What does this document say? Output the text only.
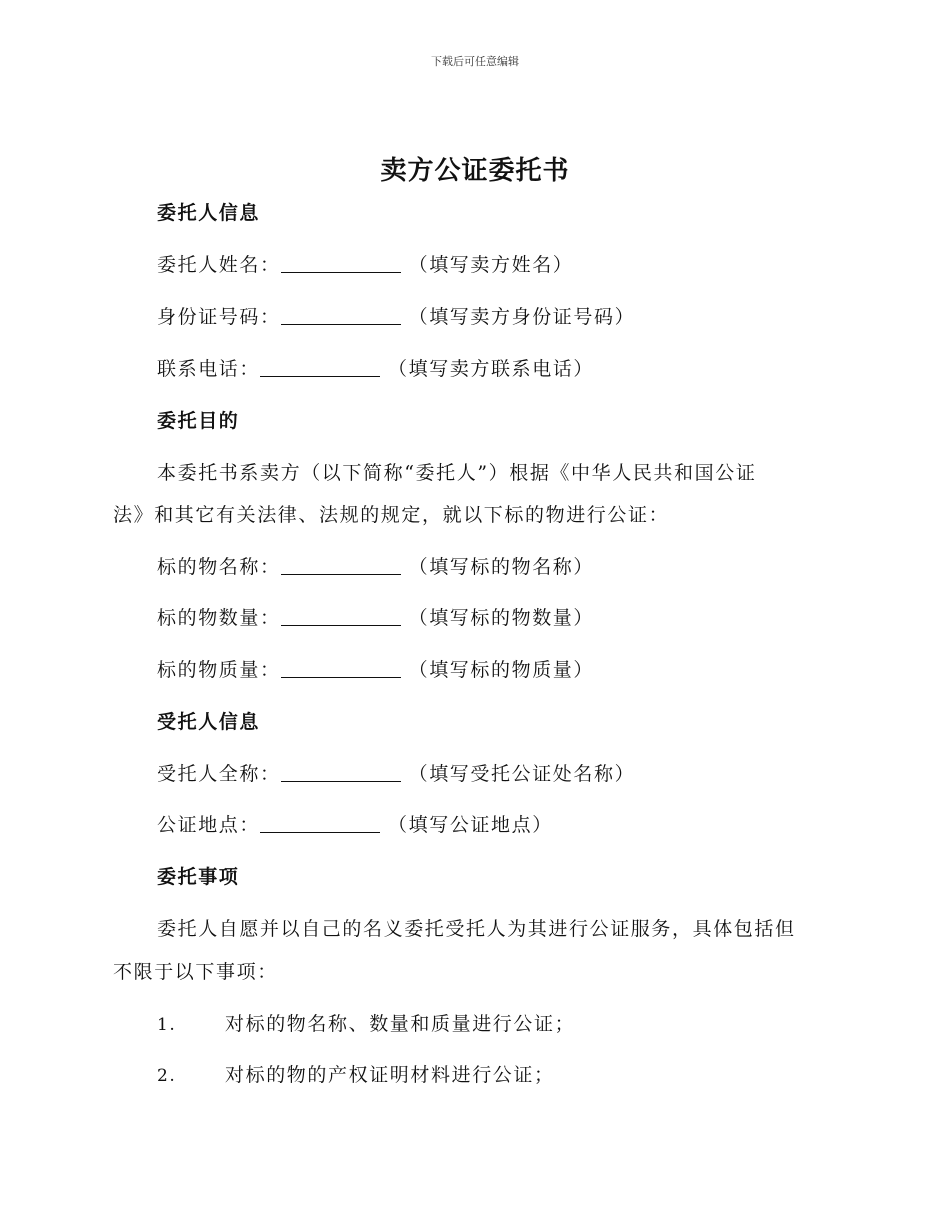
下载后可任意编辑
卖方公证委托书
委托人信息
委托人姓名：	（填写卖方姓名）
身份证号码：	（填写卖方身份证号码）
联系电话：	（填写卖方联系电话）
委托目的
本委托书系卖方（以下简称“委托人”）根据《中华人民共和国公证
法》和其它有关法律、法规的规定，就以下标的物进行公证：
标的物名称：	（填写标的物名称）
标的物数量：	（填写标的物数量）
标的物质量：	（填写标的物质量）
受托人信息
受托人全称：	（填写受托公证处名称）
公证地点：	（填写公证地点）
委托事项
委托人自愿并以自己的名义委托受托人为其进行公证服务，具体包括但
不限于以下事项：
1.	对标的物名称、数量和质量进行公证；
2.	对标的物的产权证明材料进行公证；
